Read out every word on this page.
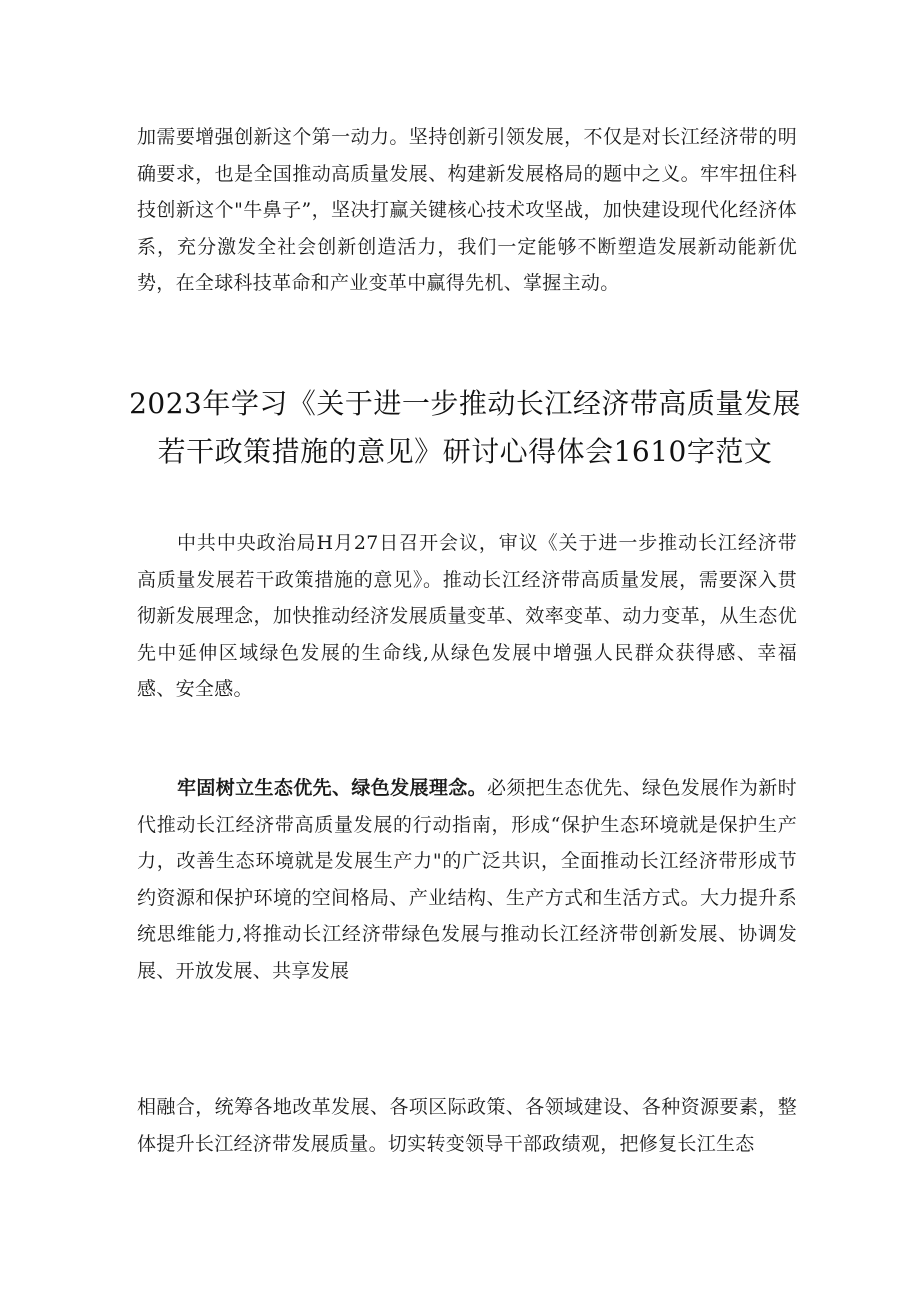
加需要增强创新这个第一动力。坚持创新引领发展，不仅是对长江经济带的明确要求，也是全国推动高质量发展、构建新发展格局的题中之义。牢牢扭住科技创新这个"牛鼻子”，坚决打赢关键核心技术攻坚战，加快建设现代化经济体系，充分激发全社会创新创造活力，我们一定能够不断塑造发展新动能新优势，在全球科技革命和产业变革中赢得先机、掌握主动。

2023年学习《关于进一步推动长江经济带高质量发展若干政策措施的意见》研讨心得体会1610字范文

中共中央政治局H月27日召开会议，审议《关于进一步推动长江经济带高质量发展若干政策措施的意见》。推动长江经济带高质量发展，需要深入贯彻新发展理念，加快推动经济发展质量变革、效率变革、动力变革，从生态优先中延伸区域绿色发展的生命线,从绿色发展中增强人民群众获得感、幸福感、安全感。

牢固树立生态优先、绿色发展理念。必须把生态优先、绿色发展作为新时代推动长江经济带高质量发展的行动指南，形成“保护生态环境就是保护生产力，改善生态环境就是发展生产力"的广泛共识，全面推动长江经济带形成节约资源和保护环境的空间格局、产业结构、生产方式和生活方式。大力提升系统思维能力,将推动长江经济带绿色发展与推动长江经济带创新发展、协调发展、开放发展、共享发展

相融合，统筹各地改革发展、各项区际政策、各领域建设、各种资源要素，整体提升长江经济带发展质量。切实转变领导干部政绩观，把修复长江生态
